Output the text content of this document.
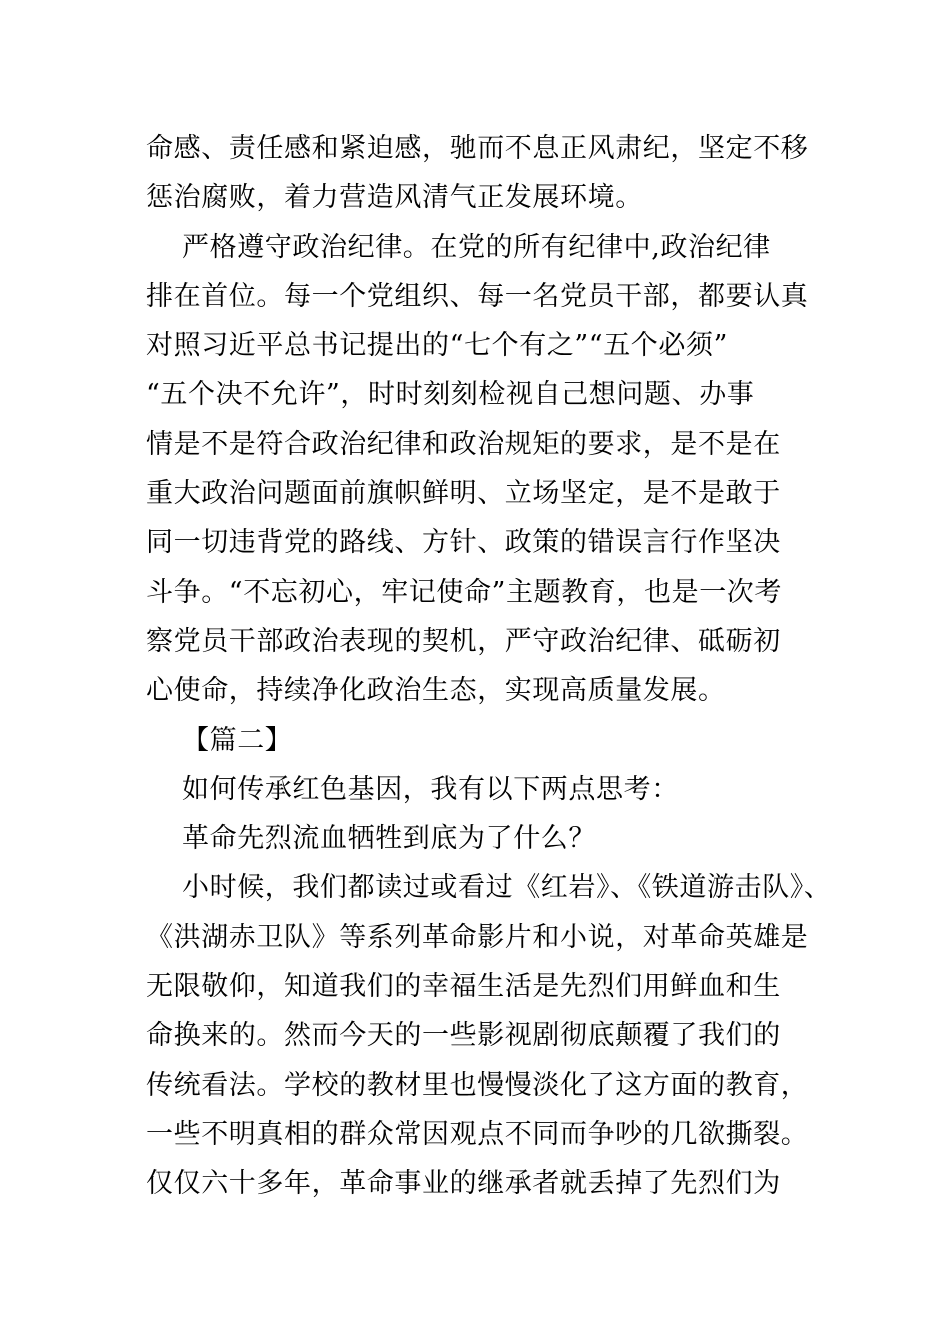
命感、责任感和紧迫感，驰而不息正风肃纪，坚定不移
惩治腐败，着力营造风清气正发展环境。
严格遵守政治纪律。在党的所有纪律中,政治纪律
排在首位。每一个党组织、每一名党员干部，都要认真
对照习近平总书记提出的“七个有之”“五个必须”
“五个决不允许”，时时刻刻检视自己想问题、办事
情是不是符合政治纪律和政治规矩的要求，是不是在
重大政治问题面前旗帜鲜明、立场坚定，是不是敢于
同一切违背党的路线、方针、政策的错误言行作坚决
斗争。“不忘初心，牢记使命”主题教育，也是一次考
察党员干部政治表现的契机，严守政治纪律、砥砺初
心使命，持续净化政治生态，实现高质量发展。
【篇二】
如何传承红色基因，我有以下两点思考：
革命先烈流血牺牲到底为了什么？
小时候，我们都读过或看过《红岩》、《铁道游击队》、
《洪湖赤卫队》等系列革命影片和小说，对革命英雄是
无限敬仰，知道我们的幸福生活是先烈们用鲜血和生
命换来的。然而今天的一些影视剧彻底颠覆了我们的
传统看法。学校的教材里也慢慢淡化了这方面的教育，
一些不明真相的群众常因观点不同而争吵的几欲撕裂。
仅仅六十多年，革命事业的继承者就丢掉了先烈们为
